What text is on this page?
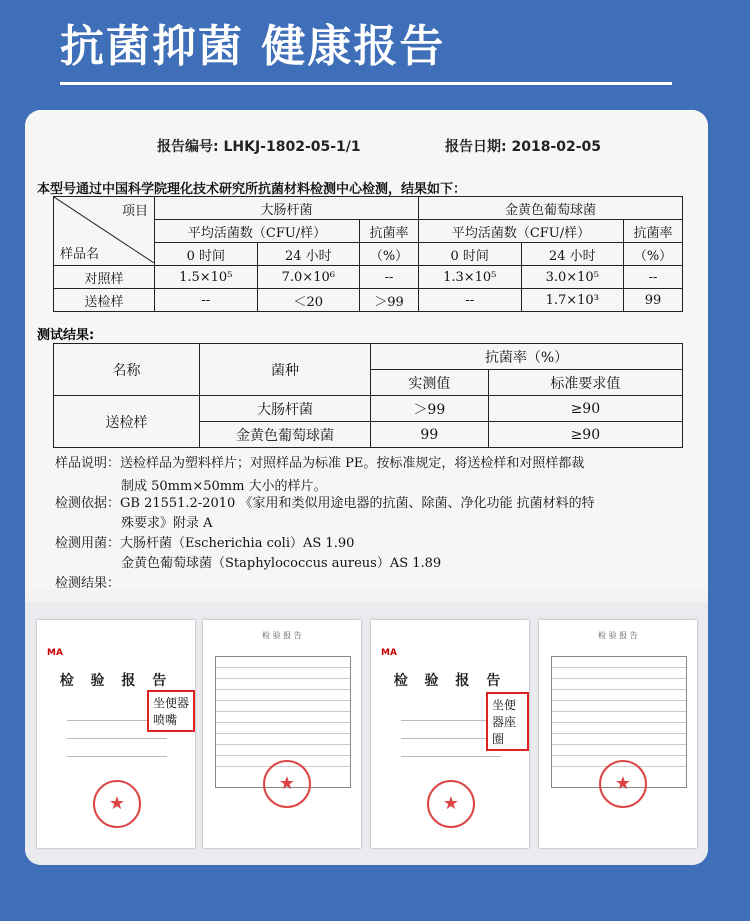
抗菌抑菌 健康报告
报告编号: LHKJ-1802-05-1/1	报告日期: 2018-02-05
本型号通过中国科学院理化技术研究所抗菌材料检测中心检测，结果如下：
项目
样品名	大肠杆菌			金黄色葡萄球菌		
	平均活菌数（CFU/样）		抗菌率	平均活菌数（CFU/样）		抗菌率
	0 时间	24 小时	（%）	0 时间	24 小时	（%）
对照样	1.5×10⁵	7.0×10⁶	--	1.3×10⁵	3.0×10⁵	--
送检样	--	＜20	＞99	--	1.7×10³	99
测试结果:
名称	菌种	抗菌率（%）	
		实测值	标准要求值
送检样	大肠杆菌	＞99	≥90
	金黄色葡萄球菌	99	≥90
样品说明：送检样品为塑料样片；对照样品为标准 PE。按标准规定，将送检样和对照样都裁
制成 50mm×50mm 大小的样片。
检测依据：GB 21551.2-2010 《家用和类似用途电器的抗菌、除菌、净化功能 抗菌材料的特
殊要求》附录 A
检测用菌：大肠杆菌（Escherichia coli）AS 1.90
金黄色葡萄球菌（Staphylococcus aureus）AS 1.89
检测结果：
MA
检 验 报 告
★
坐便器喷嘴
检 验 报 告
★
MA
检 验 报 告
★
坐便器座圈
检 验 报 告
★
